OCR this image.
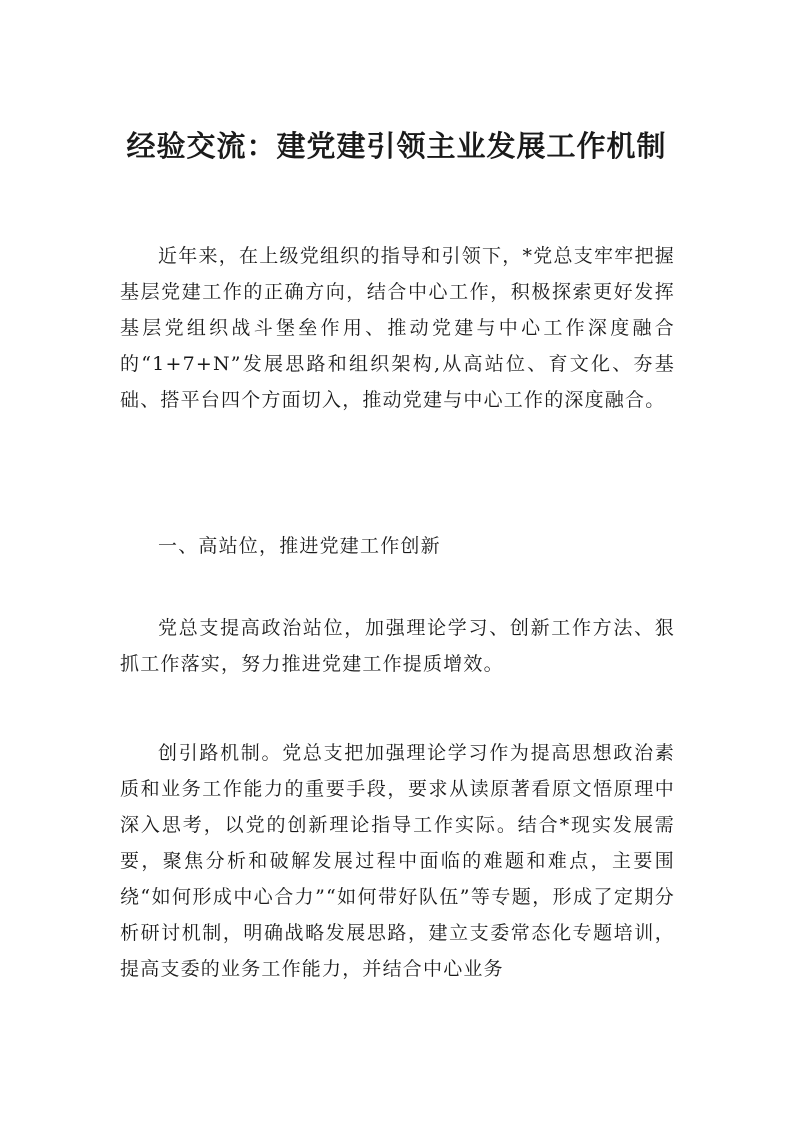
经验交流：建党建引领主业发展工作机制

近年来，在上级党组织的指导和引领下，*党总支牢牢把握基层党建工作的正确方向，结合中心工作，积极探索更好发挥基层党组织战斗堡垒作用、推动党建与中心工作深度融合的“1+7+N”发展思路和组织架构,从高站位、育文化、夯基础、搭平台四个方面切入，推动党建与中心工作的深度融合。

一、高站位，推进党建工作创新

党总支提高政治站位，加强理论学习、创新工作方法、狠抓工作落实，努力推进党建工作提质增效。

创引路机制。党总支把加强理论学习作为提高思想政治素质和业务工作能力的重要手段，要求从读原著看原文悟原理中深入思考，以党的创新理论指导工作实际。结合*现实发展需要，聚焦分析和破解发展过程中面临的难题和难点，主要围绕“如何形成中心合力”“如何带好队伍”等专题，形成了定期分析研讨机制，明确战略发展思路，建立支委常态化专题培训，提高支委的业务工作能力，并结合中心业务
